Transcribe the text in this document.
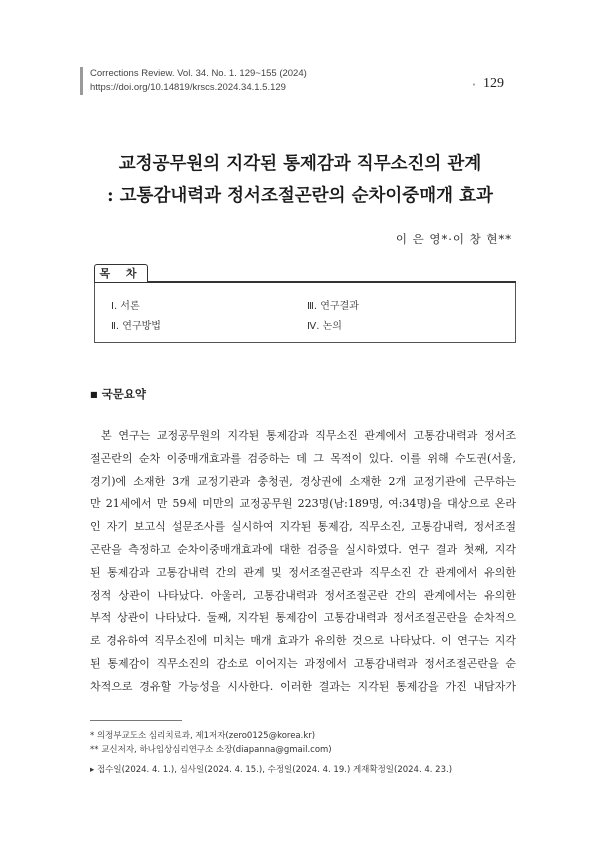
Corrections Review. Vol. 34. No. 1. 129~155 (2024)
https://doi.org/10.14819/krscs.2024.34.1.5.129	• 129
교정공무원의 지각된 통제감과 직무소진의 관계
: 고통감내력과 정서조절곤란의 순차이중매개 효과
이 은 영*·이 창 현**
목 차
Ⅰ. 서론
Ⅱ. 연구방법
Ⅲ. 연구결과
Ⅳ. 논의
■ 국문요약
본 연구는 교정공무원의 지각된 통제감과 직무소진 관계에서 고통감내력과 정서조
절곤란의 순차 이중매개효과를 검증하는 데 그 목적이 있다. 이를 위해 수도권(서울,
경기)에 소재한 3개 교정기관과 충청권, 경상권에 소재한 2개 교정기관에 근무하는
만 21세에서 만 59세 미만의 교정공무원 223명(남:189명, 여:34명)을 대상으로 온라
인 자기 보고식 설문조사를 실시하여 지각된 통제감, 직무소진, 고통감내력, 정서조절
곤란을 측정하고 순차이중매개효과에 대한 검증을 실시하였다. 연구 결과 첫째, 지각
된 통제감과 고통감내력 간의 관계 및 정서조절곤란과 직무소진 간 관계에서 유의한
정적 상관이 나타났다. 아울러, 고통감내력과 정서조절곤란 간의 관계에서는 유의한
부적 상관이 나타났다. 둘째, 지각된 통제감이 고통감내력과 정서조절곤란을 순차적으
로 경유하여 직무소진에 미치는 매개 효과가 유의한 것으로 나타났다. 이 연구는 지각
된 통제감이 직무소진의 감소로 이어지는 과정에서 고통감내력과 정서조절곤란을 순
차적으로 경유할 가능성을 시사한다. 이러한 결과는 지각된 통제감을 가진 내담자가
* 의정부교도소 심리치료과, 제1저자(zero0125@korea.kr)
** 교신저자, 하나임상심리연구소 소장(diapanna@gmail.com)
▸ 접수일(2024. 4. 1.), 심사일(2024. 4. 15.), 수정일(2024. 4. 19.) 게재확정일(2024. 4. 23.)
